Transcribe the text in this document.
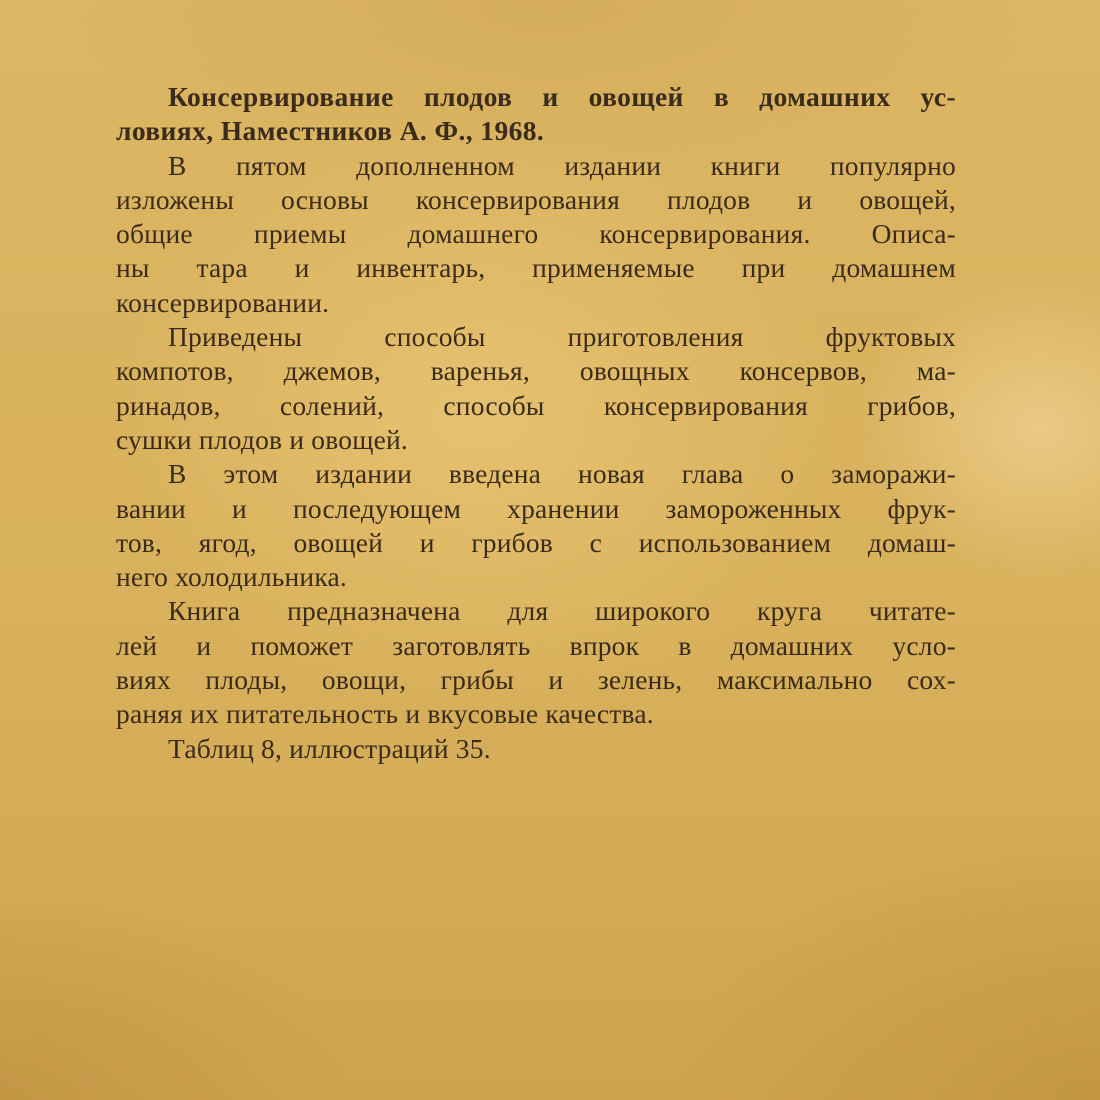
Консервирование плодов и овощей в домашних ус-
ловиях, Наместников А. Ф., 1968.
В пятом дополненном издании книги популярно
изложены основы консервирования плодов и овощей,
общие приемы домашнего консервирования. Описа-
ны тара и инвентарь, применяемые при домашнем
консервировании.
Приведены способы приготовления фруктовых
компотов, джемов, варенья, овощных консервов, ма-
ринадов, солений, способы консервирования грибов,
сушки плодов и овощей.
В этом издании введена новая глава о заморажи-
вании и последующем хранении замороженных фрук-
тов, ягод, овощей и грибов с использованием домаш-
него холодильника.
Книга предназначена для широкого круга читате-
лей и поможет заготовлять впрок в домашних усло-
виях плоды, овощи, грибы и зелень, максимально сох-
раняя их питательность и вкусовые качества.
Таблиц 8, иллюстраций 35.
